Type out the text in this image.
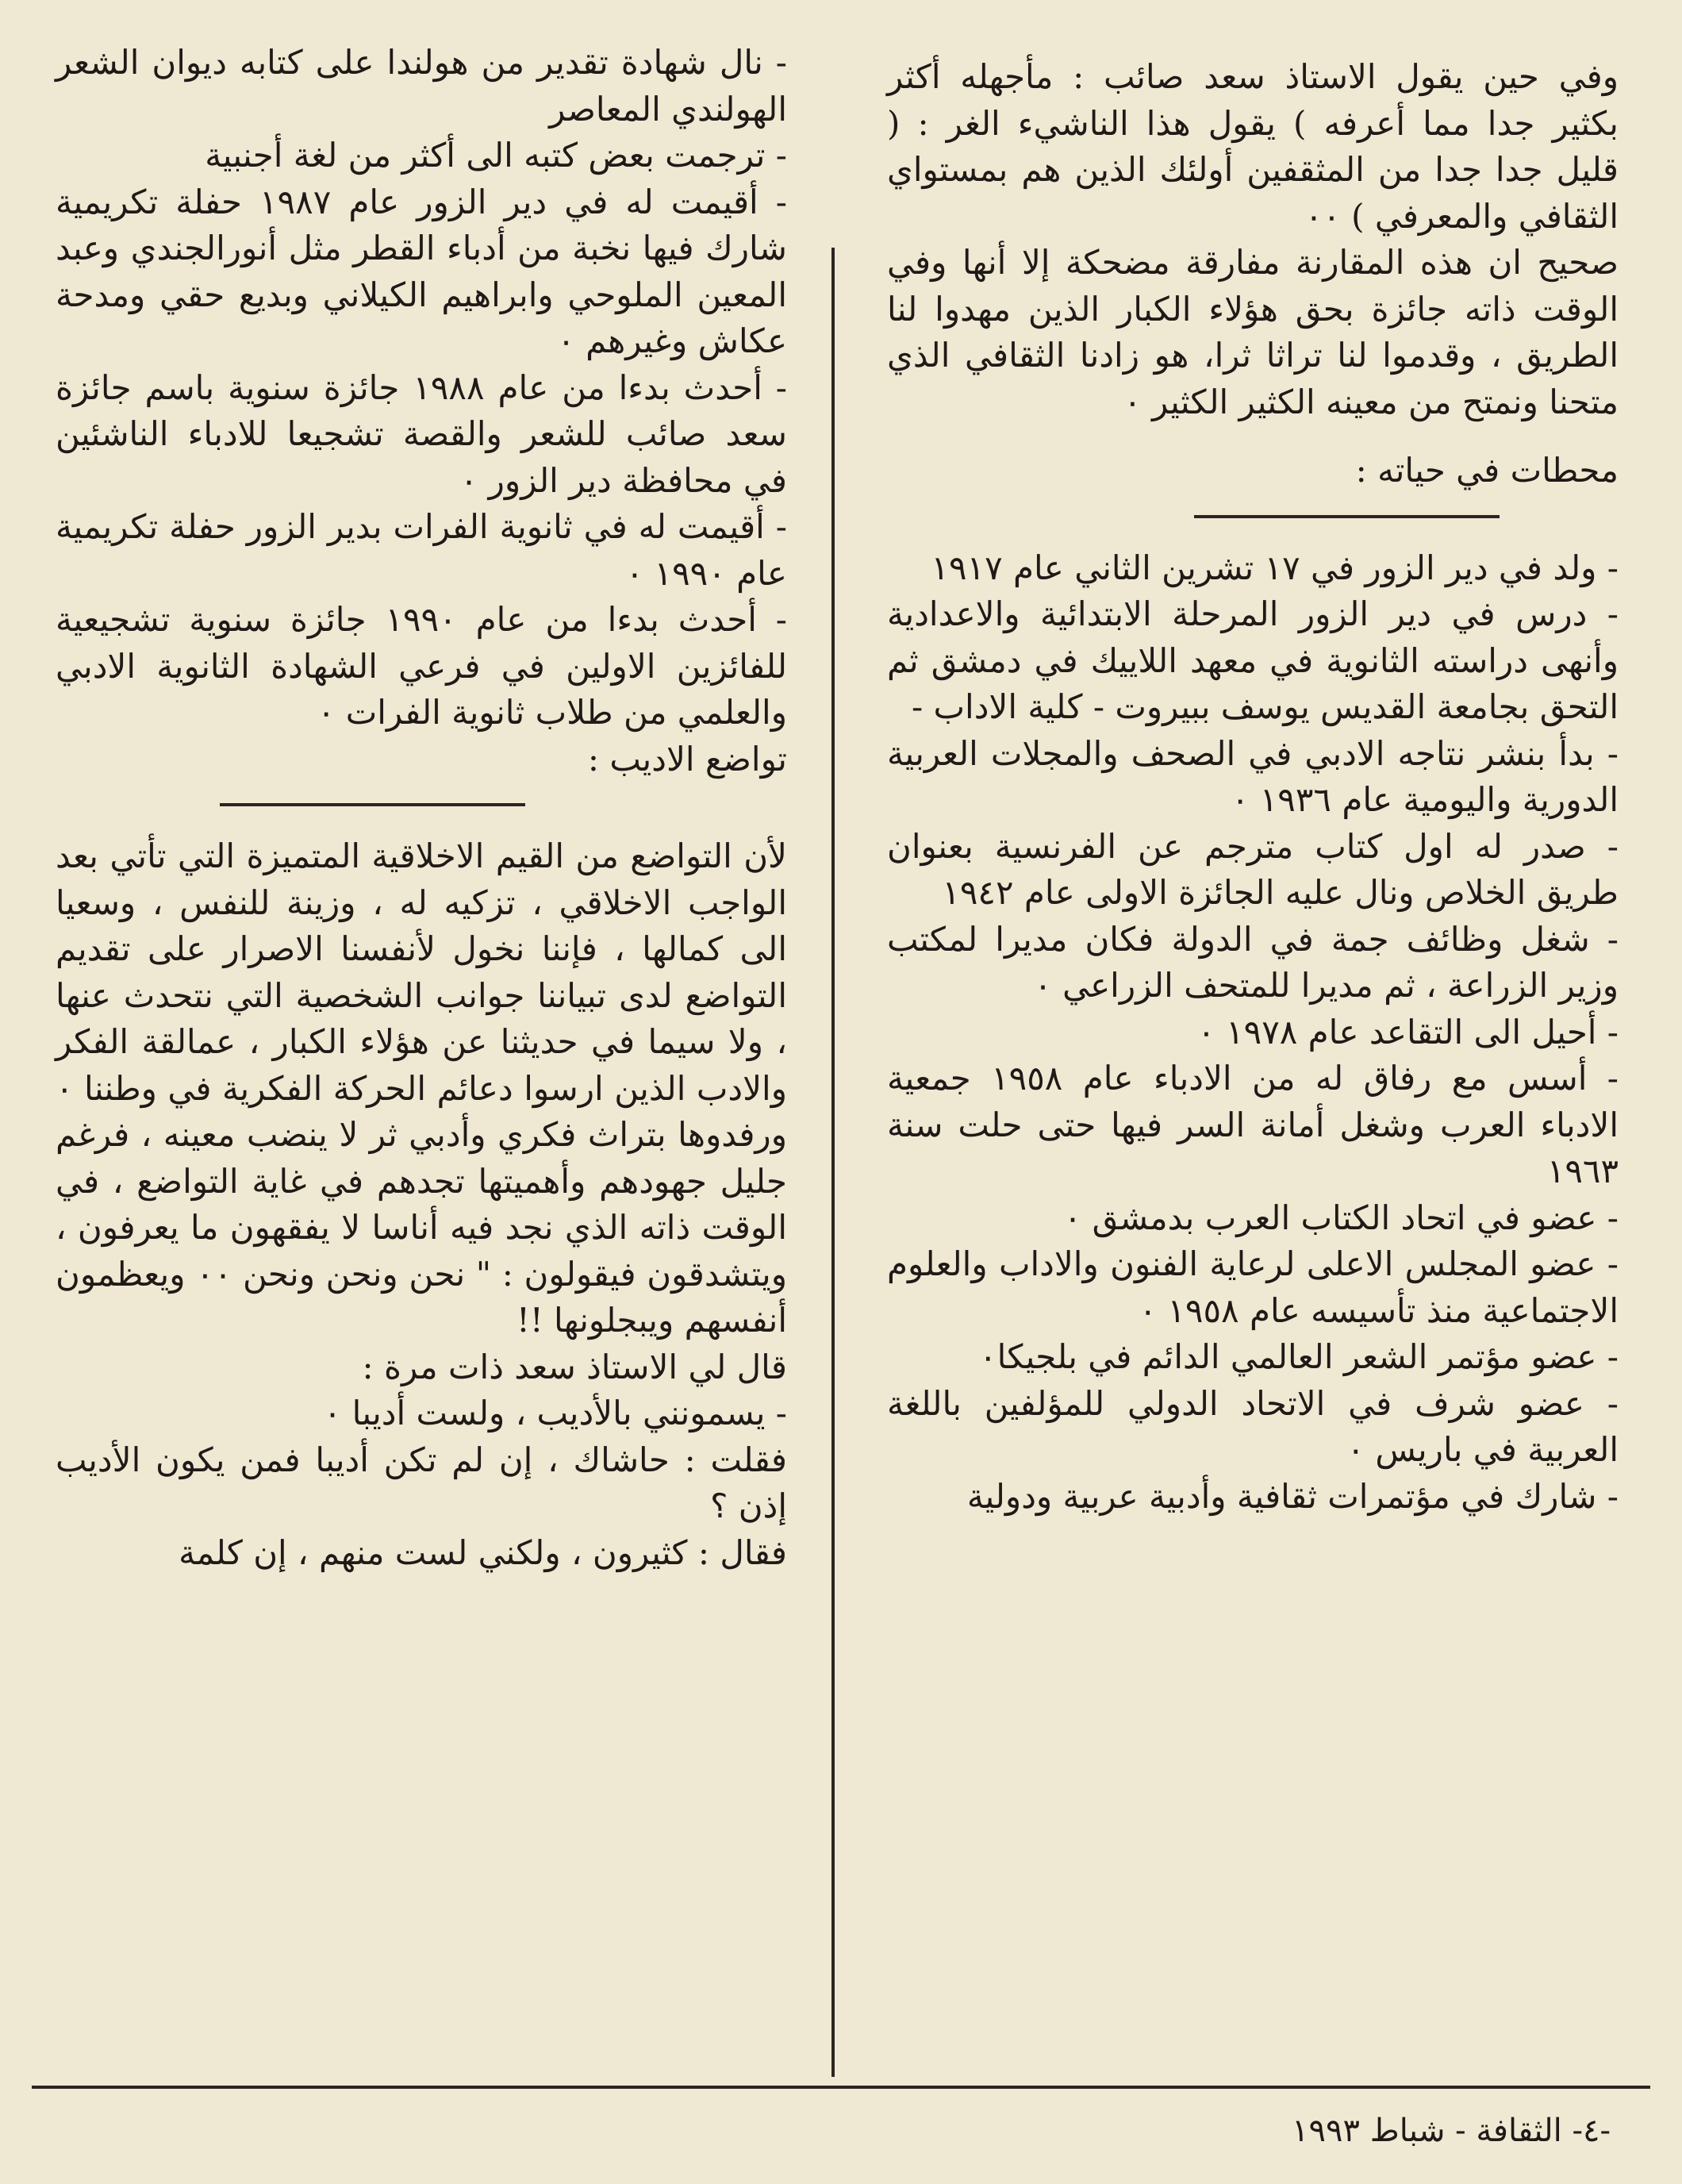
وفي حين يقول الاستاذ سعد صائب : مأجهله أكثر بكثير جدا مما أعرفه ) يقول هذا الناشيء الغر : ( قليل جدا جدا من المثقفين أولئك الذين هم بمستواي الثقافي والمعرفي ) ٠٠

صحيح ان هذه المقارنة مفارقة مضحكة إلا أنها وفي الوقت ذاته جائزة بحق هؤلاء الكبار الذين مهدوا لنا الطريق ، وقدموا لنا تراثا ثرا، هو زادنا الثقافي الذي متحنا ونمتح من معينه الكثير الكثير ٠

محطات في حياته :

- ولد في دير الزور في ١٧ تشرين الثاني عام ١٩١٧

- درس في دير الزور المرحلة الابتدائية والاعدادية وأنهى دراسته الثانوية في معهد اللاييك في دمشق ثم التحق بجامعة القديس يوسف ببيروت - كلية الاداب -

- بدأ بنشر نتاجه الادبي في الصحف والمجلات العربية الدورية واليومية عام ١٩٣٦ ٠

- صدر له اول كتاب مترجم عن الفرنسية بعنوان طريق الخلاص ونال عليه الجائزة الاولى عام ١٩٤٢

- شغل وظائف جمة في الدولة فكان مديرا لمكتب وزير الزراعة ، ثم مديرا للمتحف الزراعي ٠

- أحيل الى التقاعد عام ١٩٧٨ ٠

- أسس مع رفاق له من الادباء عام ١٩٥٨ جمعية الادباء العرب وشغل أمانة السر فيها حتى حلت سنة ١٩٦٣

- عضو في اتحاد الكتاب العرب بدمشق ٠

- عضو المجلس الاعلى لرعاية الفنون والاداب والعلوم الاجتماعية منذ تأسيسه عام ١٩٥٨ ٠

- عضو مؤتمر الشعر العالمي الدائم في بلجيكا٠

- عضو شرف في الاتحاد الدولي للمؤلفين باللغة العربية في باريس ٠

- شارك في مؤتمرات ثقافية وأدبية عربية ودولية

- نال شهادة تقدير من هولندا على كتابه ديوان الشعر الهولندي المعاصر

- ترجمت بعض كتبه الى أكثر من لغة أجنبية

- أقيمت له في دير الزور عام ١٩٨٧ حفلة تكريمية شارك فيها نخبة من أدباء القطر مثل أنورالجندي وعبد المعين الملوحي وابراهيم الكيلاني وبديع حقي ومدحة عكاش وغيرهم ٠

- أحدث بدءا من عام ١٩٨٨ جائزة سنوية باسم جائزة سعد صائب للشعر والقصة تشجيعا للادباء الناشئين في محافظة دير الزور ٠

- أقيمت له في ثانوية الفرات بدير الزور حفلة تكريمية عام ١٩٩٠ ٠

- أحدث بدءا من عام ١٩٩٠ جائزة سنوية تشجيعية للفائزين الاولين في فرعي الشهادة الثانوية الادبي والعلمي من طلاب ثانوية الفرات ٠

تواضع الاديب :

لأن التواضع من القيم الاخلاقية المتميزة التي تأتي بعد الواجب الاخلاقي ، تزكيه له ، وزينة للنفس ، وسعيا الى كمالها ، فإننا نخول لأنفسنا الاصرار على تقديم التواضع لدى تبياننا جوانب الشخصية التي نتحدث عنها ، ولا سيما في حديثنا عن هؤلاء الكبار ، عمالقة الفكر والادب الذين ارسوا دعائم الحركة الفكرية في وطننا ٠ ورفدوها بتراث فكري وأدبي ثر لا ينضب معينه ، فرغم جليل جهودهم وأهميتها تجدهم في غاية التواضع ، في الوقت ذاته الذي نجد فيه أناسا لا يفقهون ما يعرفون ، ويتشدقون فيقولون : " نحن ونحن ونحن ٠٠ ويعظمون أنفسهم ويبجلونها !!

قال لي الاستاذ سعد ذات مرة :

- يسمونني بالأديب ، ولست أديبا ٠

فقلت : حاشاك ، إن لم تكن أديبا فمن يكون الأديب إذن ؟

فقال : كثيرون ، ولكني لست منهم ، إن كلمة

-٤- الثقافة - شباط ١٩٩٣
